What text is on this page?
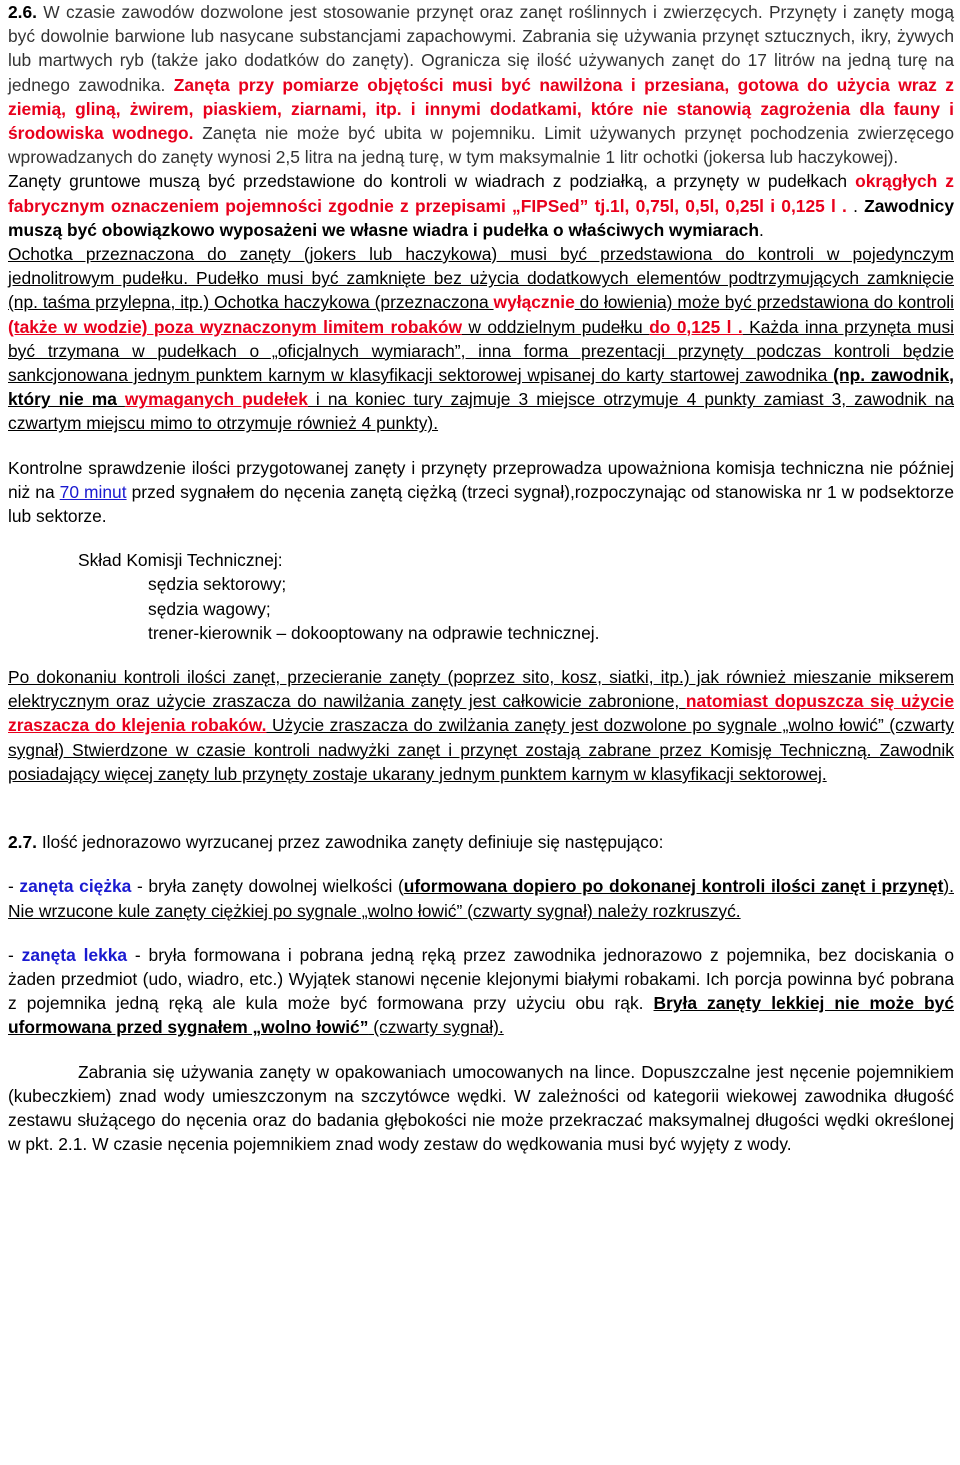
2.6. W czasie zawodów dozwolone jest stosowanie przynęt oraz zanęt roślinnych i zwierzęcych. Przynęty i zanęty mogą być dowolnie barwione lub nasycane substancjami zapachowymi. Zabrania się używania przynęt sztucznych, ikry, żywych lub martwych ryb (także jako dodatków do zanęty). Ogranicza się ilość używanych zanęt do 17 litrów na jedną turę na jednego zawodnika. Zanęta przy pomiarze objętości musi być nawilżona i przesiana, gotowa do użycia wraz z ziemią, gliną, żwirem, piaskiem, ziarnami, itp. i innymi dodatkami, które nie stanowią zagrożenia dla fauny i środowiska wodnego. Zanęta nie może być ubita w pojemniku. Limit używanych przynęt pochodzenia zwierzęcego wprowadzanych do zanęty wynosi 2,5 litra na jedną turę, w tym maksymalnie 1 litr ochotki (jokersa lub haczykowej).

Zanęty gruntowe muszą być przedstawione do kontroli w wiadrach z podziałką, a przynęty w pudełkach okrągłych z fabrycznym oznaczeniem pojemności zgodnie z przepisami „FIPSed” tj.1l, 0,75l, 0,5l, 0,25l i 0,125 l . . Zawodnicy muszą być obowiązkowo wyposażeni we własne wiadra i pudełka o właściwych wymiarach.

Ochotka przeznaczona do zanęty (jokers lub haczykowa) musi być przedstawiona do kontroli w pojedynczym jednolitrowym pudełku. Pudełko musi być zamknięte bez użycia dodatkowych elementów podtrzymujących zamknięcie (np. taśma przylepna, itp.) Ochotka haczykowa (przeznaczona wyłącznie do łowienia) może być przedstawiona do kontroli (także w wodzie) poza wyznaczonym limitem robaków w oddzielnym pudełku do 0,125 l . Każda inna przynęta musi być trzymana w pudełkach o „oficjalnych wymiarach”, inna forma prezentacji przynęty podczas kontroli będzie sankcjonowana jednym punktem karnym w klasyfikacji sektorowej wpisanej do karty startowej zawodnika (np. zawodnik, który nie ma wymaganych pudełek i na koniec tury zajmuje 3 miejsce otrzymuje 4 punkty zamiast 3, zawodnik na czwartym miejscu mimo to otrzymuje również 4 punkty).

Kontrolne sprawdzenie ilości przygotowanej zanęty i przynęty przeprowadza upoważniona komisja techniczna nie później niż na 70 minut przed sygnałem do nęcenia zanętą ciężką (trzeci sygnał),rozpoczynając od stanowiska nr 1 w podsektorze lub sektorze.

Skład Komisji Technicznej:

sędzia sektorowy;

sędzia wagowy;

trener-kierownik – dokooptowany na odprawie technicznej.

Po dokonaniu kontroli ilości zanęt, przecieranie zanęty (poprzez sito, kosz, siatki, itp.) jak również mieszanie mikserem elektrycznym oraz użycie zraszacza do nawilżania zanęty jest całkowicie zabronione, natomiast dopuszcza się użycie zraszacza do klejenia robaków. Użycie zraszacza do zwilżania zanęty jest dozwolone po sygnale „wolno łowić” (czwarty sygnał) Stwierdzone w czasie kontroli nadwyżki zanęt i przynęt zostają zabrane przez Komisję Techniczną. Zawodnik posiadający więcej zanęty lub przynęty zostaje ukarany jednym punktem karnym w klasyfikacji sektorowej.

2.7. Ilość jednorazowo wyrzucanej przez zawodnika zanęty definiuje się następująco:

- zanęta ciężka - bryła zanęty dowolnej wielkości (uformowana dopiero po dokonanej kontroli ilości zanęt i przynęt). Nie wrzucone kule zanęty ciężkiej po sygnale „wolno łowić” (czwarty sygnał) należy rozkruszyć.

- zanęta lekka - bryła formowana i pobrana jedną ręką przez zawodnika jednorazowo z pojemnika, bez dociskania o żaden przedmiot (udo, wiadro, etc.) Wyjątek stanowi nęcenie klejonymi białymi robakami. Ich porcja powinna być pobrana z pojemnika jedną ręką ale kula może być formowana przy użyciu obu rąk. Bryła zanęty lekkiej nie może być uformowana przed sygnałem „wolno łowić” (czwarty sygnał).

Zabrania się używania zanęty w opakowaniach umocowanych na lince. Dopuszczalne jest nęcenie pojemnikiem (kubeczkiem) znad wody umieszczonym na szczytówce wędki. W zależności od kategorii wiekowej zawodnika długość zestawu służącego do nęcenia oraz do badania głębokości nie może przekraczać maksymalnej długości wędki określonej w pkt. 2.1. W czasie nęcenia pojemnikiem znad wody zestaw do wędkowania musi być wyjęty z wody.
